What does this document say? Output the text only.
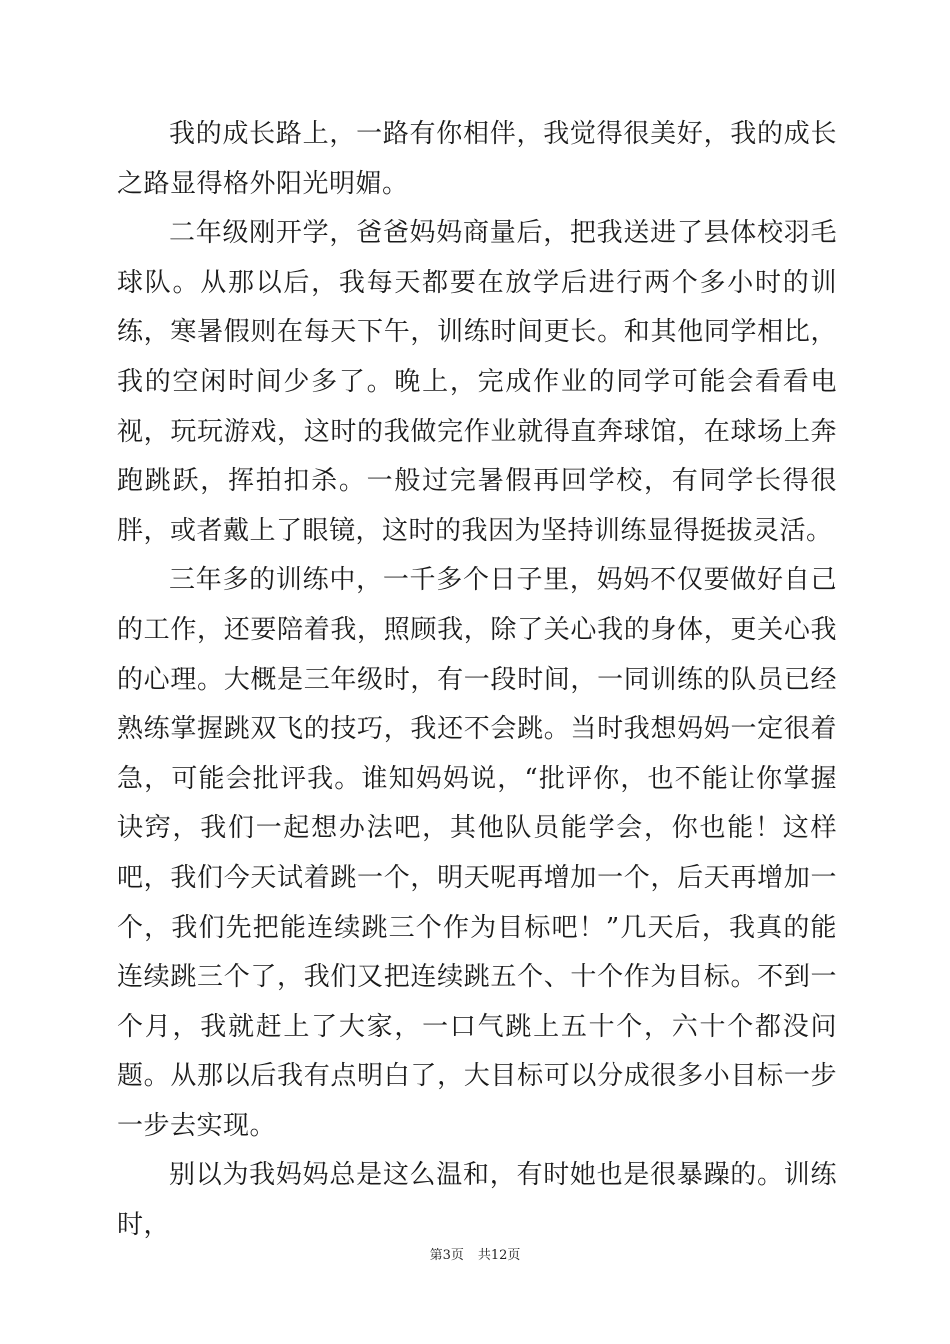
我的成长路上，一路有你相伴，我觉得很美好，我的成长之路显得格外阳光明媚。

二年级刚开学，爸爸妈妈商量后，把我送进了县体校羽毛球队。从那以后，我每天都要在放学后进行两个多小时的训练，寒暑假则在每天下午，训练时间更长。和其他同学相比，我的空闲时间少多了。晚上，完成作业的同学可能会看看电视，玩玩游戏，这时的我做完作业就得直奔球馆，在球场上奔跑跳跃，挥拍扣杀。一般过完暑假再回学校，有同学长得很胖，或者戴上了眼镜，这时的我因为坚持训练显得挺拔灵活。

三年多的训练中，一千多个日子里，妈妈不仅要做好自己的工作，还要陪着我，照顾我，除了关心我的身体，更关心我的心理。大概是三年级时，有一段时间，一同训练的队员已经熟练掌握跳双飞的技巧，我还不会跳。当时我想妈妈一定很着急，可能会批评我。谁知妈妈说，“批评你，也不能让你掌握诀窍，我们一起想办法吧，其他队员能学会，你也能！这样吧，我们今天试着跳一个，明天呢再增加一个，后天再增加一个，我们先把能连续跳三个作为目标吧！”几天后，我真的能连续跳三个了，我们又把连续跳五个、十个作为目标。不到一个月，我就赶上了大家，一口气跳上五十个，六十个都没问题。从那以后我有点明白了，大目标可以分成很多小目标一步一步去实现。

别以为我妈妈总是这么温和，有时她也是很暴躁的。训练时，

第3页 共12页
